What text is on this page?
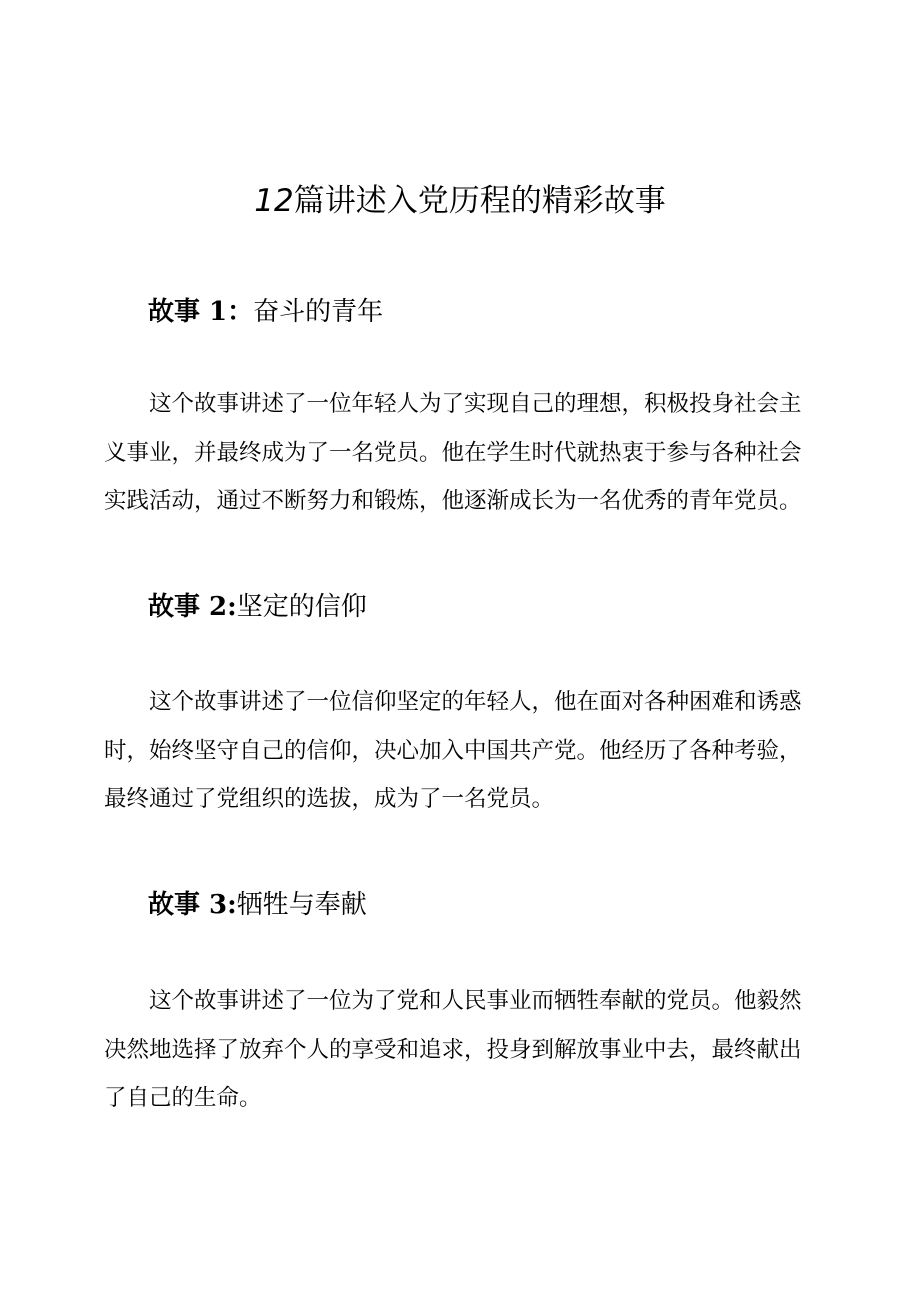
12篇讲述入党历程的精彩故事
故事 1：奋斗的青年

这个故事讲述了一位年轻人为了实现自己的理想，积极投身社会主
义事业，并最终成为了一名党员。他在学生时代就热衷于参与各种社会
实践活动，通过不断努力和锻炼，他逐渐成长为一名优秀的青年党员。

故事 2:坚定的信仰

这个故事讲述了一位信仰坚定的年轻人，他在面对各种困难和诱惑
时，始终坚守自己的信仰，决心加入中国共产党。他经历了各种考验，
最终通过了党组织的选拔，成为了一名党员。

故事 3:牺牲与奉献

这个故事讲述了一位为了党和人民事业而牺牲奉献的党员。他毅然
决然地选择了放弃个人的享受和追求，投身到解放事业中去，最终献出
了自己的生命。
